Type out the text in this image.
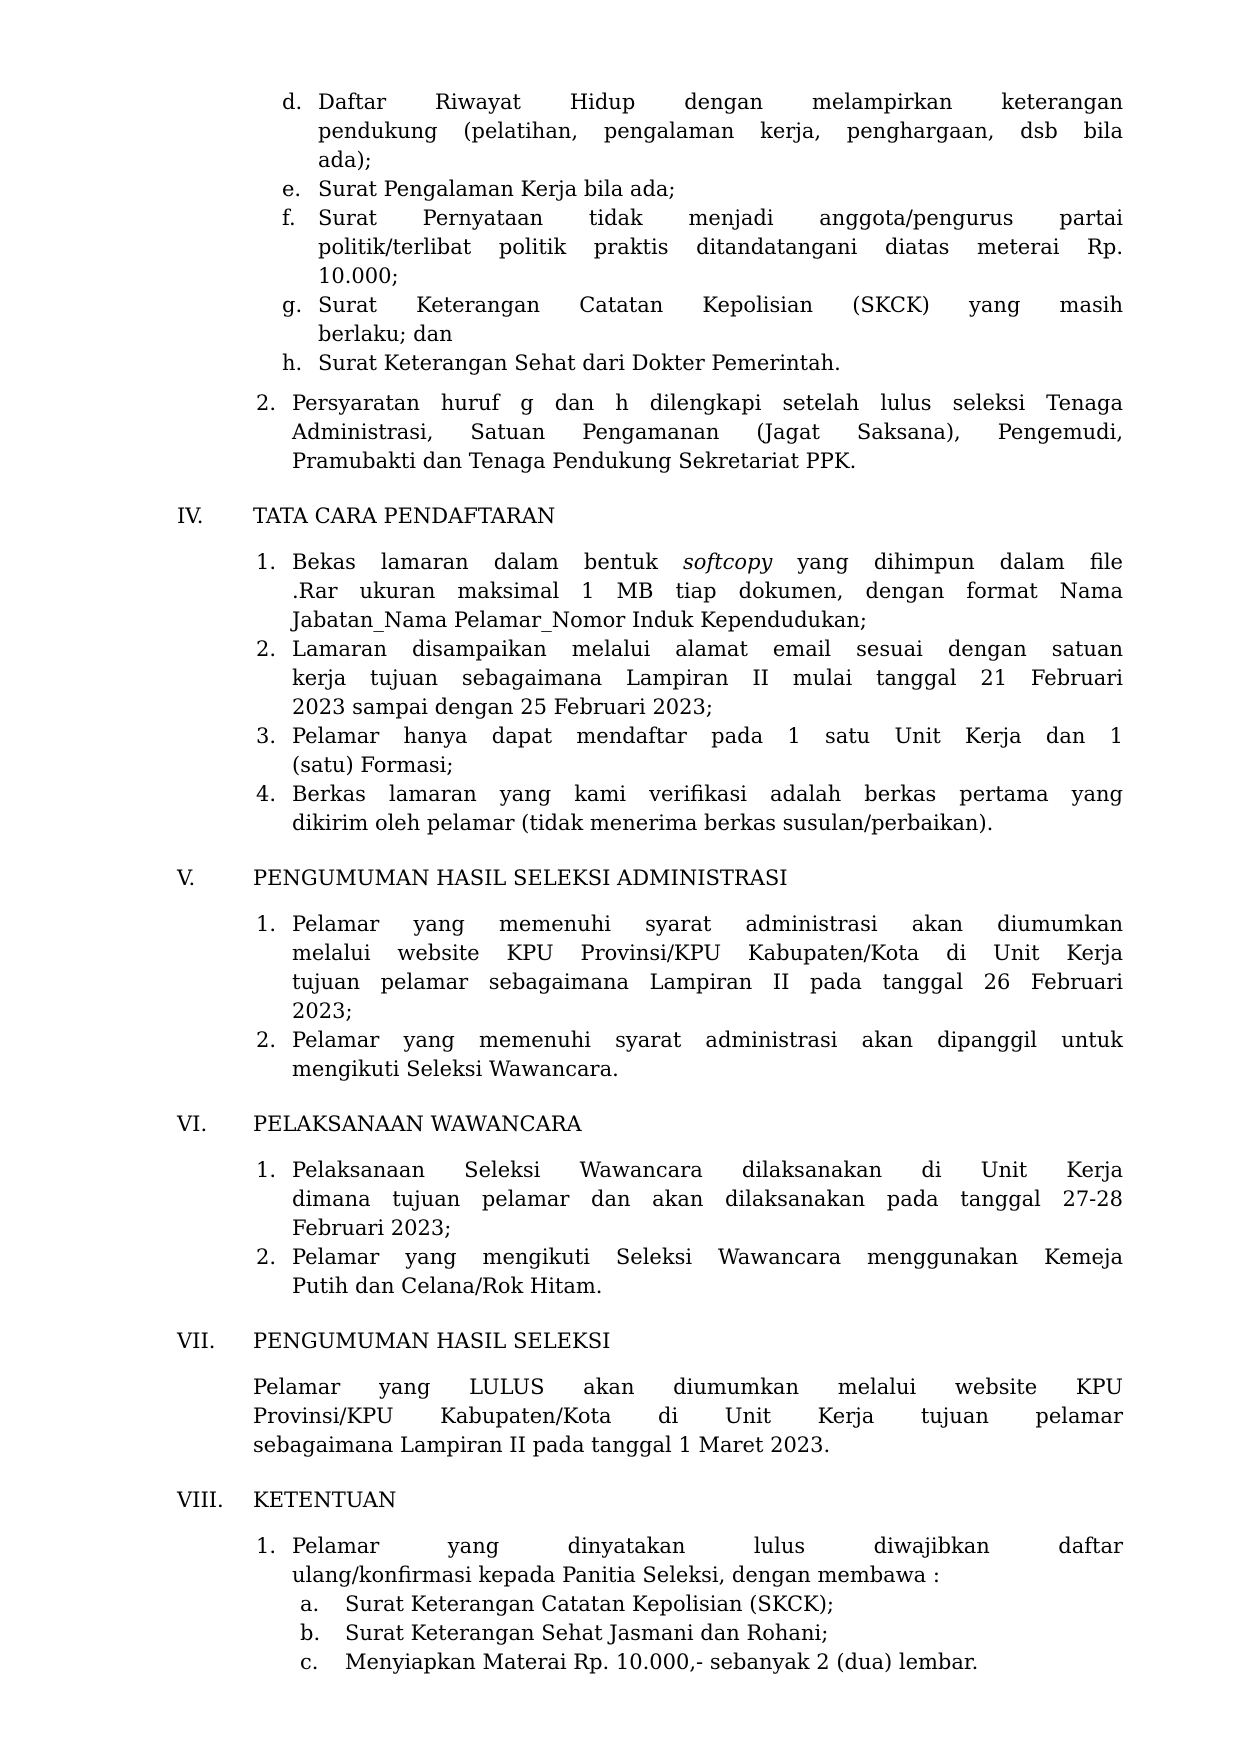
d. Daftar Riwayat Hidup dengan melampirkan keterangan
pendukung (pelatihan, pengalaman kerja, penghargaan, dsb bila
ada);
e. Surat Pengalaman Kerja bila ada;
f.	Surat Pernyataan tidak menjadi anggota/pengurus partai
politik/terlibat politik praktis ditandatangani diatas meterai Rp.
10.000;
g. Surat Keterangan Catatan Kepolisian (SKCK) yang masih
berlaku; dan
h. Surat Keterangan Sehat dari Dokter Pemerintah.
2. Persyaratan huruf g dan h dilengkapi setelah lulus seleksi Tenaga
Administrasi, Satuan Pengamanan (Jagat Saksana), Pengemudi,
Pramubakti dan Tenaga Pendukung Sekretariat PPK.
IV.	TATA CARA PENDAFTARAN
1. Bekas lamaran dalam bentuk softcopy yang dihimpun dalam file
.Rar ukuran maksimal 1 MB tiap dokumen, dengan format Nama
Jabatan_Nama Pelamar_Nomor Induk Kependudukan;
2. Lamaran disampaikan melalui alamat email sesuai dengan satuan
kerja tujuan sebagaimana Lampiran II mulai tanggal 21 Februari
2023 sampai dengan 25 Februari 2023;
3. Pelamar hanya dapat mendaftar pada 1 satu Unit Kerja dan 1
(satu) Formasi;
4. Berkas lamaran yang kami verifikasi adalah berkas pertama yang
dikirim oleh pelamar (tidak menerima berkas susulan/perbaikan).
V.	PENGUMUMAN HASIL SELEKSI ADMINISTRASI
1. Pelamar yang memenuhi syarat administrasi akan diumumkan
melalui website KPU Provinsi/KPU Kabupaten/Kota di Unit Kerja
tujuan pelamar sebagaimana Lampiran II pada tanggal 26 Februari
2023;
2. Pelamar yang memenuhi syarat administrasi akan dipanggil untuk
mengikuti Seleksi Wawancara.
VI.	PELAKSANAAN WAWANCARA
1. Pelaksanaan Seleksi Wawancara dilaksanakan di Unit Kerja
dimana tujuan pelamar dan akan dilaksanakan pada tanggal 27-28
Februari 2023;
2. Pelamar yang mengikuti Seleksi Wawancara menggunakan Kemeja
Putih dan Celana/Rok Hitam.
VII.	PENGUMUMAN HASIL SELEKSI
Pelamar yang LULUS akan diumumkan melalui website KPU
Provinsi/KPU Kabupaten/Kota di Unit Kerja tujuan pelamar
sebagaimana Lampiran II pada tanggal 1 Maret 2023.
VIII.	KETENTUAN
1. Pelamar yang dinyatakan lulus diwajibkan daftar
ulang/konfirmasi kepada Panitia Seleksi, dengan membawa :
a.	Surat Keterangan Catatan Kepolisian (SKCK);
b.	Surat Keterangan Sehat Jasmani dan Rohani;
c.	Menyiapkan Materai Rp. 10.000,- sebanyak 2 (dua) lembar.
